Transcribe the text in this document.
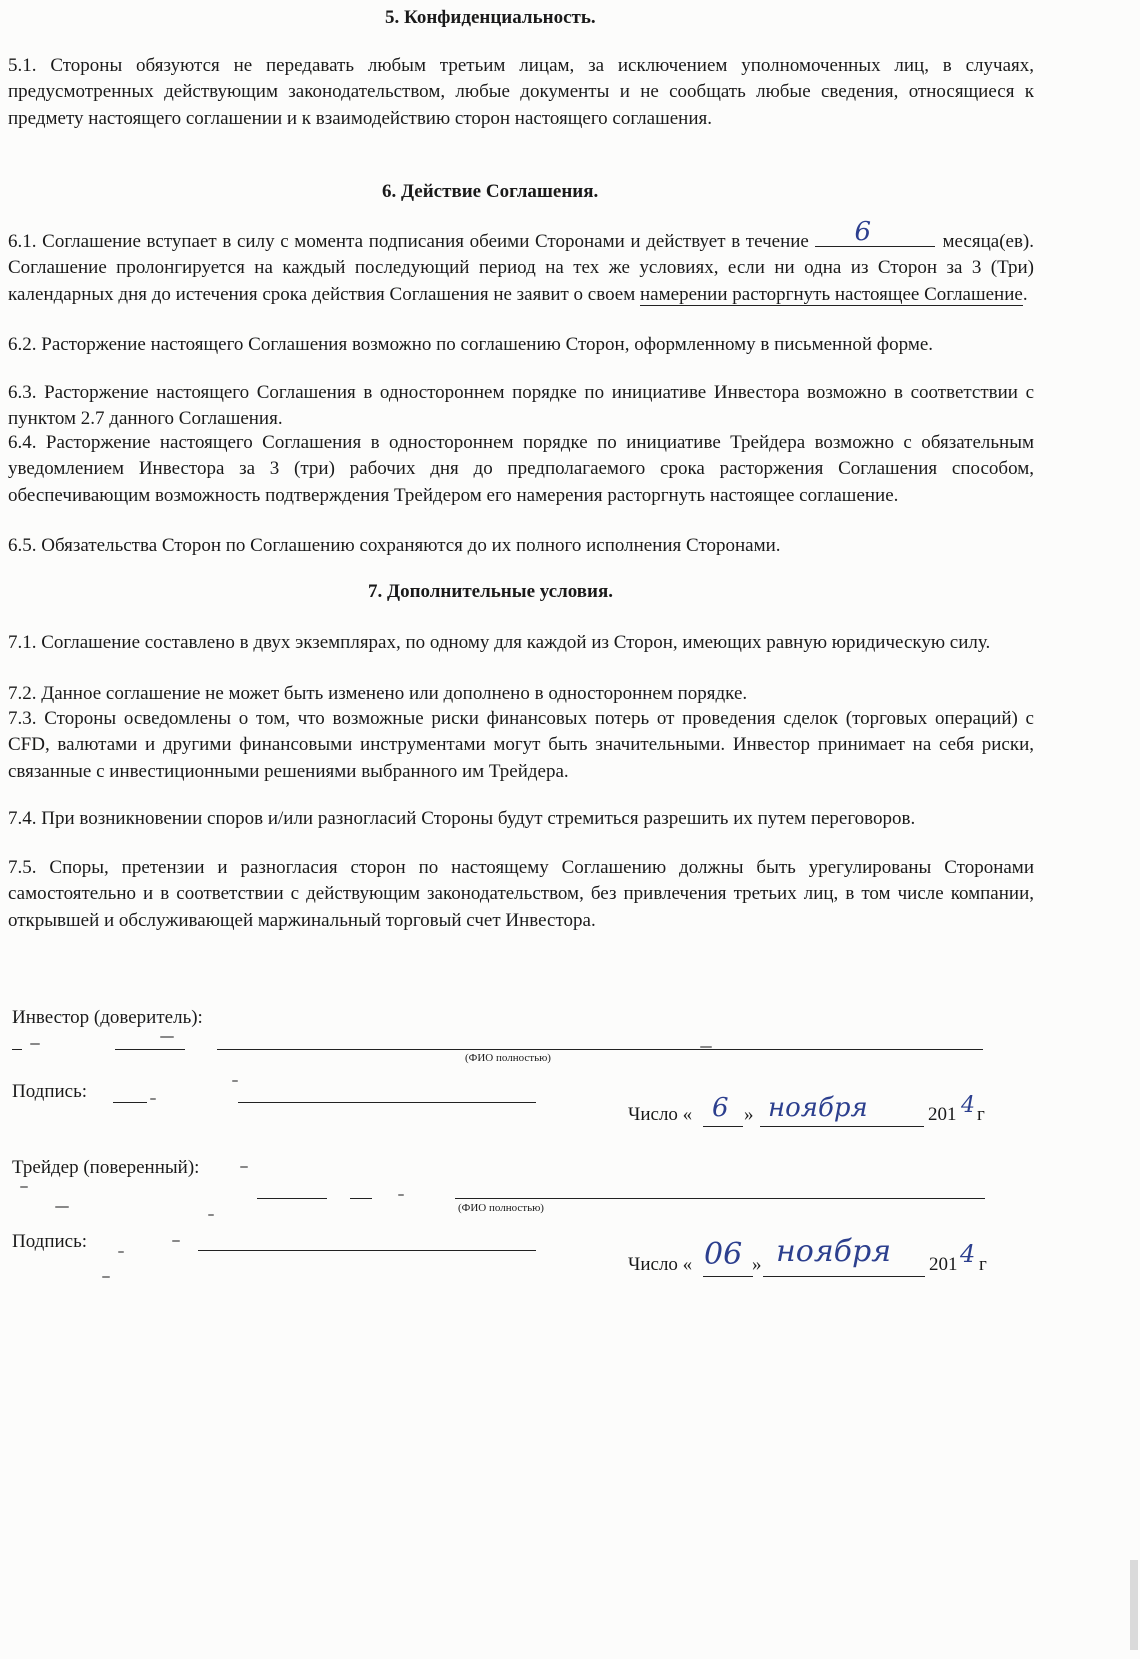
5. Конфиденциальность.
5.1. Стороны обязуются не передавать любым третьим лицам, за исключением уполномоченных лиц, в случаях, предусмотренных действующим законодательством, любые документы и не сообщать любые сведения, относящиеся к предмету настоящего соглашении и к взаимодействию сторон настоящего соглашения.
6. Действие Соглашения.
6.1. Соглашение вступает в силу с момента подписания обеими Сторонами и действует в течение 6	месяца(ев). Соглашение пролонгируется на каждый последующий период на тех же условиях, если ни одна из Сторон за 3 (Три) календарных дня до истечения срока действия Соглашения не заявит о своем намерении расторгнуть настоящее Соглашение.
6.2. Расторжение настоящего Соглашения возможно по соглашению Сторон, оформленному в письменной форме.
6.3. Расторжение настоящего Соглашения в одностороннем порядке по инициативе Инвестора возможно в соответствии с пунктом 2.7 данного Соглашения.
6.4. Расторжение настоящего Соглашения в одностороннем порядке по инициативе Трейдера возможно с обязательным уведомлением Инвестора за 3 (три) рабочих дня до предполагаемого срока расторжения Соглашения способом, обеспечивающим возможность подтверждения Трейдером его намерения расторгнуть настоящее соглашение.
6.5. Обязательства Сторон по Соглашению сохраняются до их полного исполнения Сторонами.
7. Дополнительные условия.
7.1. Соглашение составлено в двух экземплярах, по одному для каждой из Сторон, имеющих равную юридическую силу.
7.2. Данное соглашение не может быть изменено или дополнено в одностороннем порядке.
7.3. Стороны осведомлены о том, что возможные риски финансовых потерь от проведения сделок (торговых операций) с CFD, валютами и другими финансовыми инструментами могут быть значительными. Инвестор принимает на себя риски, связанные с инвестиционными решениями выбранного им Трейдера.
7.4. При возникновении споров и/или разногласий Стороны будут стремиться разрешить их путем переговоров.
7.5. Споры, претензии и разногласия сторон по настоящему Соглашению должны быть урегулированы Сторонами самостоятельно и в соответствии с действующим законодательством, без привлечения третьих лиц, в том числе компании, открывшей и обслуживающей маржинальный торговый счет Инвестора.
Инвестор (доверитель):
(ФИО полностью)
Подпись:
Число « 6 » ноября	201 4 г
Трейдер (поверенный):
(ФИО полностью)
Подпись:
Число « 06 » ноября 201 4 г
